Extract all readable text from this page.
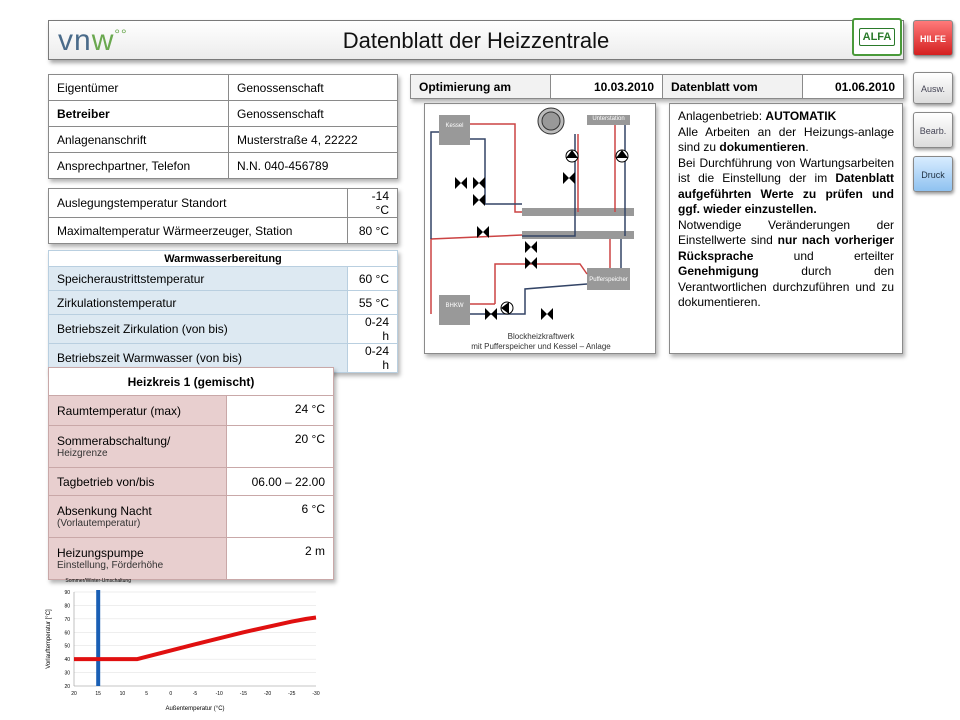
vnw°°	Datenblatt der Heizzentrale	ALFA	HILFE
Ausw.
Bearb.
Druck
Eigentümer	Genossenschaft
Betreiber	Genossenschaft
Anlagenanschrift	Musterstraße 4, 22222
Ansprechpartner, Telefon	N.N. 040-456789
Auslegungstemperatur Standort	-14 °C
Maximaltemperatur Wärmeerzeuger, Station	80 °C
Warmwasserbereitung	
Speicheraustrittstemperatur	60 °C
Zirkulationstemperatur	55 °C
Betriebszeit Zirkulation (von bis)	0-24 h
Betriebszeit Warmwasser (von bis)	0-24 h
Heizkreis 1 (gemischt)	
Raumtemperatur (max)	24 °C

Sommerabschaltung/
Heizgrenze	20 °C
Tagbetrieb von/bis	06.00 – 22.00

Absenkung Nacht
(Vorlautemperatur)	6 °C

Heizungspumpe
Einstellung, Förderhöhe	2 m
Optimierung am	10.03.2010	Datenblatt vom	01.06.2010
Kessel
Unterstation
Pufferspeicher
BHKW
Blockheizkraftwerk
mit Pufferspeicher und Kessel – Anlage
Anlagenbetrieb: AUTOMATIK
Alle Arbeiten an der Heizungs-anlage sind zu dokumentieren.
Bei Durchführung von Wartungsarbeiten ist die Einstellung der im Datenblatt aufgeführten Werte zu prüfen und ggf. wieder einzustellen.
Notwendige Veränderungen der Einstellwerte sind nur nach vorheriger Rücksprache und erteilter Genehmigung durch den Verantwortlichen durchzuführen und zu dokumentieren.
20
30
40
50
60
70
80
90
20	15	10	5	0	-5	-10	-15	-20	-25	-30
Sommer/Winter-Umschaltung
Außentemperatur (°C)
Vorlauftemperatur [°C]
